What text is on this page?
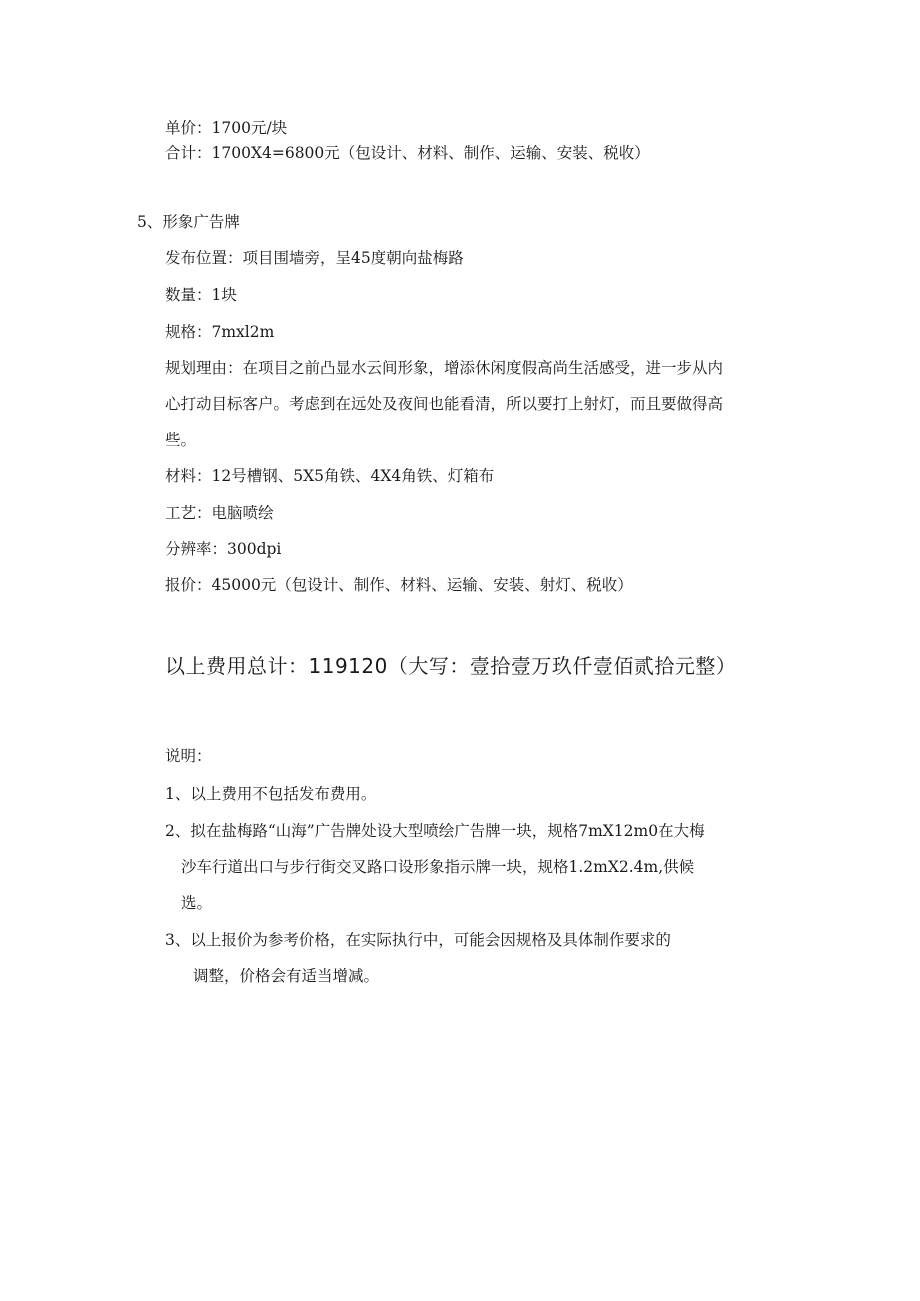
单价：1700元/块
合计：1700X4=6800元（包设计、材料、制作、运输、安装、税收）
5、形象广告牌
发布位置：项目围墙旁，呈45度朝向盐梅路
数量：1块
规格：7mxl2m
规划理由：在项目之前凸显水云间形象，增添休闲度假高尚生活感受，进一步从内
心打动目标客户。考虑到在远处及夜间也能看清，所以要打上射灯，而且要做得高
些。
材料：12号槽钢、5X5角铁、4X4角铁、灯箱布
工艺：电脑喷绘
分辨率：300dpi
报价：45000元（包设计、制作、材料、运输、安装、射灯、税收）
以上费用总计：119120（大写：壹拾壹万玖仟壹佰贰拾元整）
说明：
1、以上费用不包括发布费用。
2、拟在盐梅路“山海”广告牌处设大型喷绘广告牌一块，规格7mX12m0在大梅
沙车行道出口与步行街交叉路口设形象指示牌一块，规格1.2mX2.4m,供候
选。
3、以上报价为参考价格，在实际执行中，可能会因规格及具体制作要求的
调整，价格会有适当增减。
